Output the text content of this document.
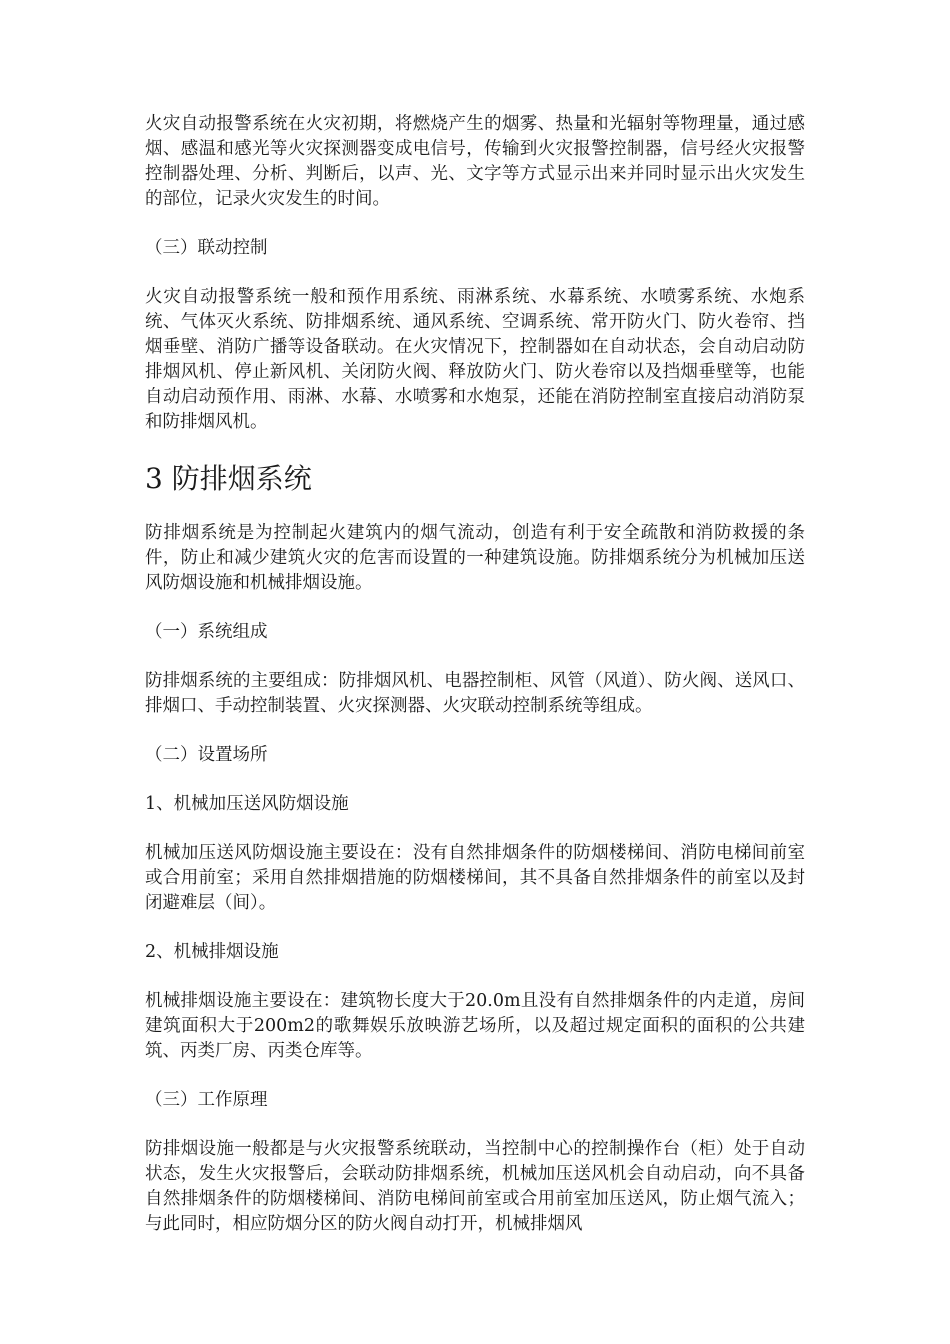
火灾自动报警系统在火灾初期，将燃烧产生的烟雾、热量和光辐射等物理量，通过感烟、感温和感光等火灾探测器变成电信号，传输到火灾报警控制器，信号经火灾报警控制器处理、分析、判断后，以声、光、文字等方式显示出来并同时显示出火灾发生的部位，记录火灾发生的时间。

（三）联动控制

火灾自动报警系统一般和预作用系统、雨淋系统、水幕系统、水喷雾系统、水炮系统、气体灭火系统、防排烟系统、通风系统、空调系统、常开防火门、防火卷帘、挡烟垂壁、消防广播等设备联动。在火灾情况下，控制器如在自动状态，会自动启动防排烟风机、停止新风机、关闭防火阀、释放防火门、防火卷帘以及挡烟垂壁等，也能自动启动预作用、雨淋、水幕、水喷雾和水炮泵，还能在消防控制室直接启动消防泵和防排烟风机。

3 防排烟系统

防排烟系统是为控制起火建筑内的烟气流动，创造有利于安全疏散和消防救援的条件，防止和减少建筑火灾的危害而设置的一种建筑设施。防排烟系统分为机械加压送风防烟设施和机械排烟设施。

（一）系统组成

防排烟系统的主要组成：防排烟风机、电器控制柜、风管（风道）、防火阀、送风口、排烟口、手动控制装置、火灾探测器、火灾联动控制系统等组成。

（二）设置场所

1、机械加压送风防烟设施

机械加压送风防烟设施主要设在：没有自然排烟条件的防烟楼梯间、消防电梯间前室或合用前室；采用自然排烟措施的防烟楼梯间，其不具备自然排烟条件的前室以及封闭避难层（间）。

2、机械排烟设施

机械排烟设施主要设在：建筑物长度大于20.0m且没有自然排烟条件的内走道，房间建筑面积大于200m2的歌舞娱乐放映游艺场所，以及超过规定面积的面积的公共建筑、丙类厂房、丙类仓库等。

（三）工作原理

防排烟设施一般都是与火灾报警系统联动，当控制中心的控制操作台（柜）处于自动状态，发生火灾报警后，会联动防排烟系统，机械加压送风机会自动启动，向不具备自然排烟条件的防烟楼梯间、消防电梯间前室或合用前室加压送风，防止烟气流入；与此同时，相应防烟分区的防火阀自动打开，机械排烟风
